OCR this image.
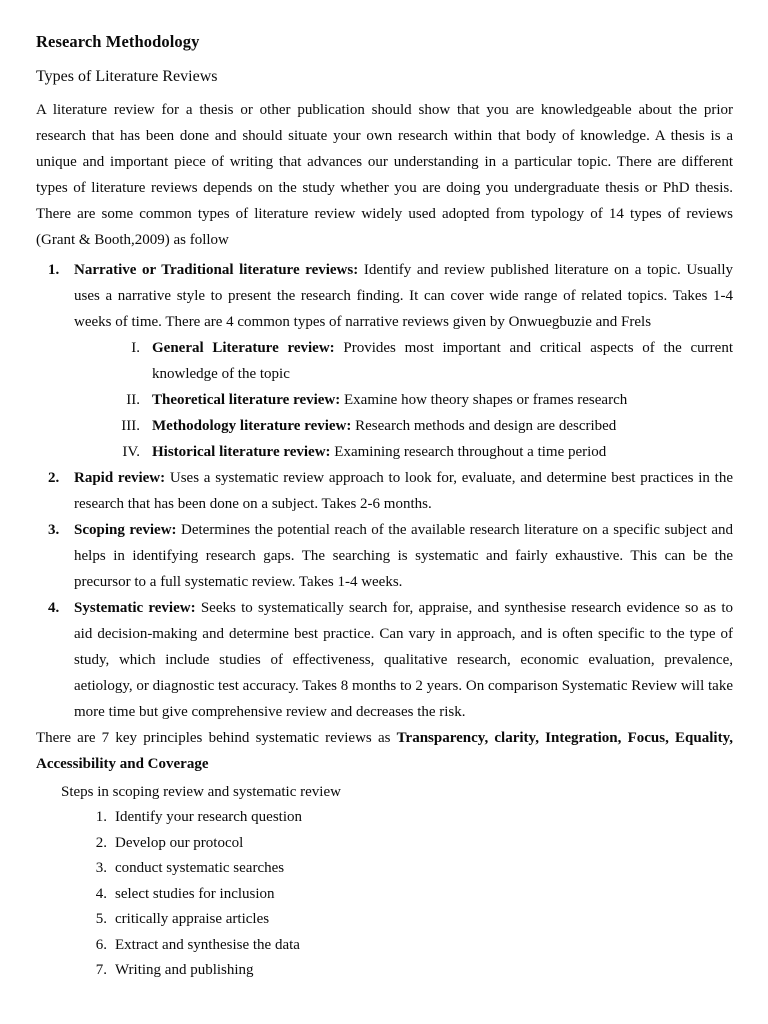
Research Methodology
Types of Literature Reviews

A literature review for a thesis or other publication should show that you are knowledgeable about the prior research that has been done and should situate your own research within that body of knowledge. A thesis is a unique and important piece of writing that advances our understanding in a particular topic. There are different types of literature reviews depends on the study whether you are doing you undergraduate thesis or PhD thesis. There are some common types of literature review widely used adopted from typology of 14 types of reviews (Grant & Booth,2009) as follow

1. Narrative or Traditional literature reviews: Identify and review published literature on a topic. Usually uses a narrative style to present the research finding. It can cover wide range of related topics. Takes 1-4 weeks of time. There are 4 common types of narrative reviews given by Onwuegbuzie and Frels
I. General Literature review: Provides most important and critical aspects of the current knowledge of the topic
II. Theoretical literature review: Examine how theory shapes or frames research
III. Methodology literature review: Research methods and design are described
IV. Historical literature review: Examining research throughout a time period
2. Rapid review: Uses a systematic review approach to look for, evaluate, and determine best practices in the research that has been done on a subject. Takes 2-6 months.
3. Scoping review: Determines the potential reach of the available research literature on a specific subject and helps in identifying research gaps. The searching is systematic and fairly exhaustive. This can be the precursor to a full systematic review. Takes 1-4 weeks.
4. Systematic review: Seeks to systematically search for, appraise, and synthesise research evidence so as to aid decision-making and determine best practice. Can vary in approach, and is often specific to the type of study, which include studies of effectiveness, qualitative research, economic evaluation, prevalence, aetiology, or diagnostic test accuracy. Takes 8 months to 2 years. On comparison Systematic Review will take more time but give comprehensive review and decreases the risk.

There are 7 key principles behind systematic reviews as Transparency, clarity, Integration, Focus, Equality, Accessibility and Coverage

Steps in scoping review and systematic review

1. Identify your research question
2. Develop our protocol
3. conduct systematic searches
4. select studies for inclusion
5. critically appraise articles
6. Extract and synthesise the data
7. Writing and publishing
